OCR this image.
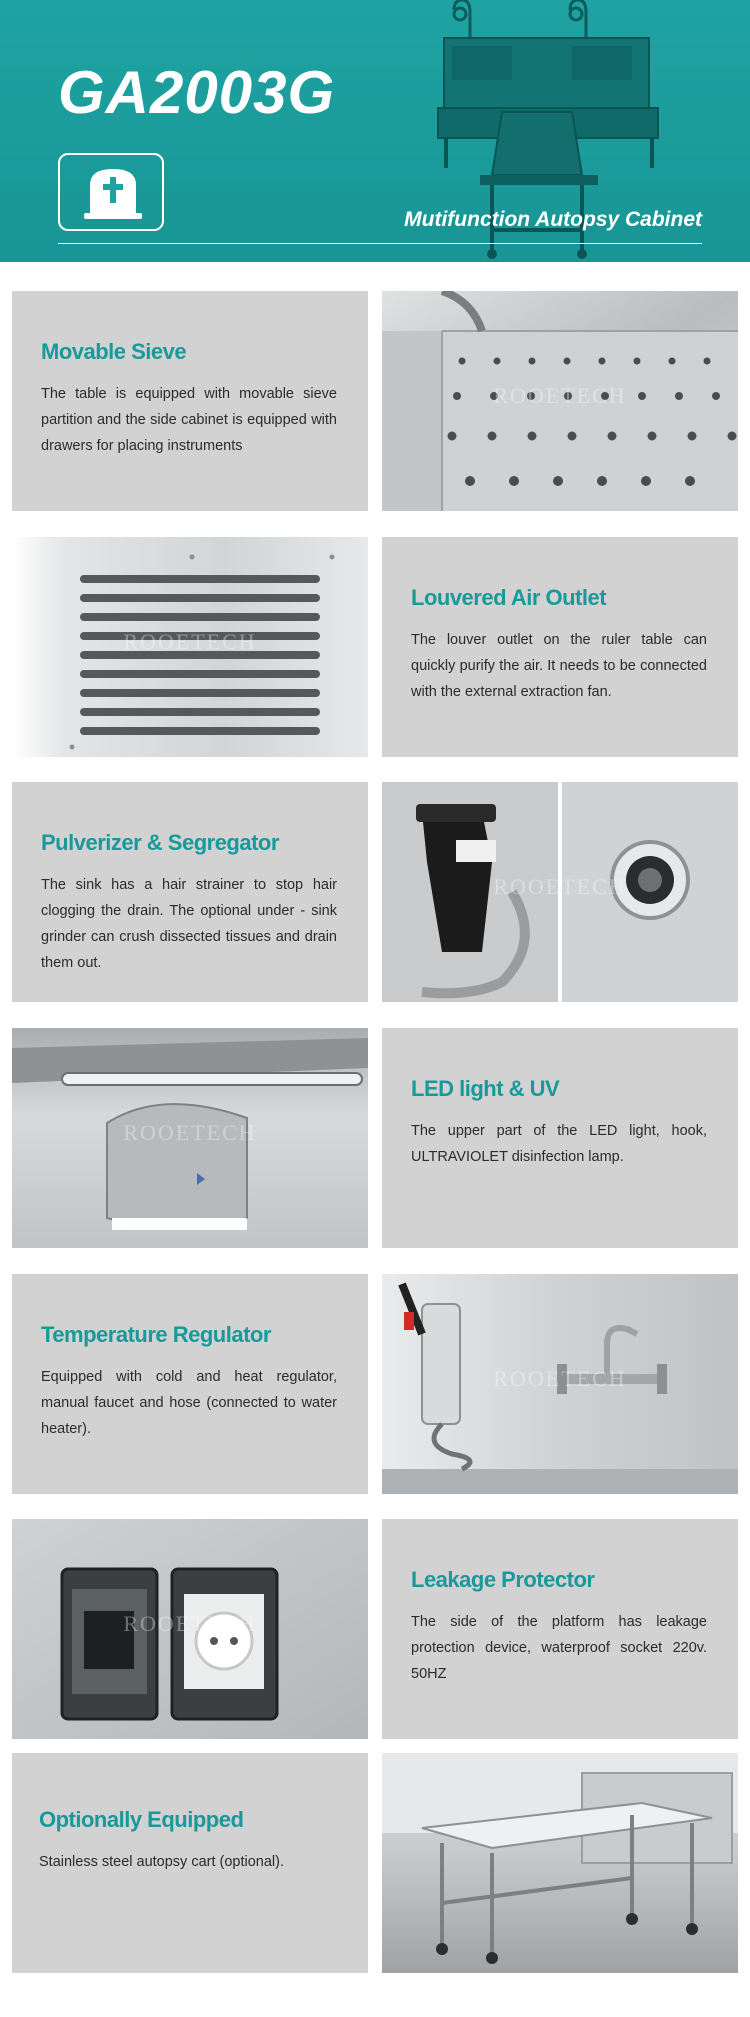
GA2003G
Mutifunction Autopsy Cabinet
Movable Sieve

The table is equipped with movable sieve partition and the side cabinet is equipped with drawers for placing instruments

ROOETECH
ROOETECH
Louvered Air Outlet

The louver outlet on the ruler table can quickly purify the air. It needs to be connected with the external extraction fan.

Pulverizer & Segregator

The sink has a hair strainer to stop hair clogging the drain. The optional under - sink grinder can crush dissected tissues and drain them out.

ROOETECH
ROOETECH
LED light & UV

The upper part of the LED light, hook, ULTRAVIOLET disinfection lamp.

Temperature Regulator

Equipped with cold and heat regulator, manual faucet and hose (connected to water heater).

ROOETECH
ROOETECH
Leakage Protector

The side of the platform has leakage protection device, waterproof socket 220v. 50HZ

Optionally Equipped

Stainless steel autopsy cart (optional).
